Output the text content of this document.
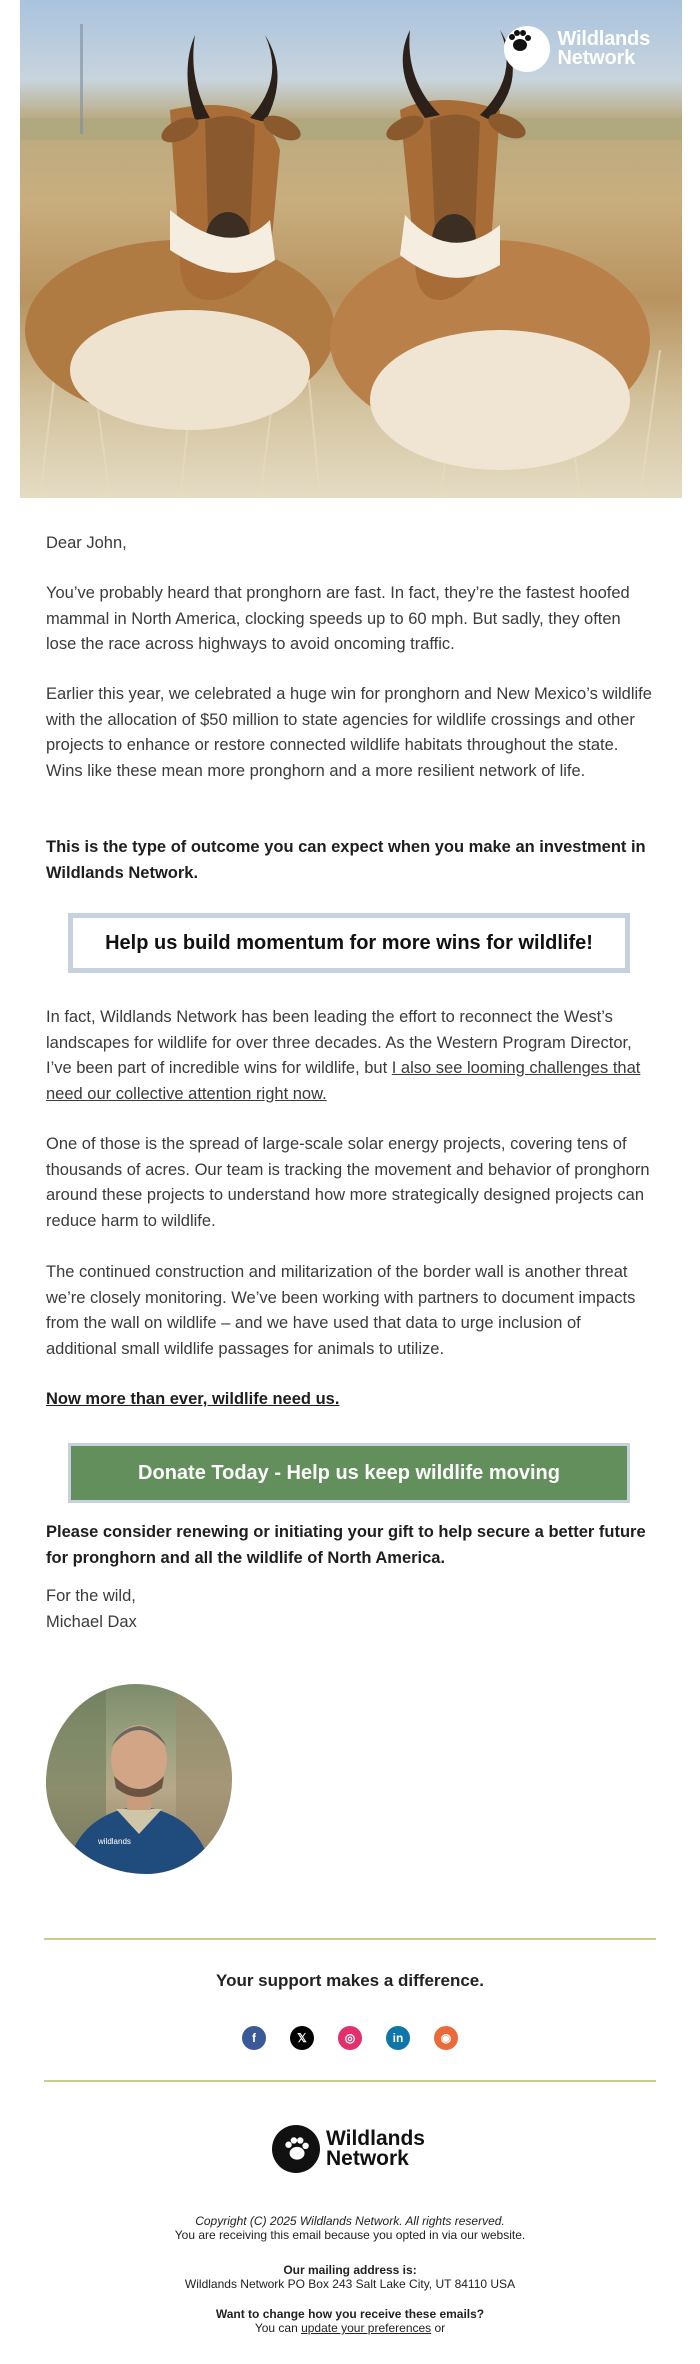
Wildlands
Network

Dear John,

You’ve probably heard that pronghorn are fast. In fact, they’re the fastest hoofed mammal in North America, clocking speeds up to 60 mph. But sadly, they often lose the race across highways to avoid oncoming traffic.

Earlier this year, we celebrated a huge win for pronghorn and New Mexico’s wildlife with the allocation of $50 million to state agencies for wildlife crossings and other projects to enhance or restore connected wildlife habitats throughout the state. Wins like these mean more pronghorn and a more resilient network of life.

This is the type of outcome you can expect when you make an investment in Wildlands Network.

Help us build momentum for more wins for wildlife!

In fact, Wildlands Network has been leading the effort to reconnect the West’s landscapes for wildlife for over three decades. As the Western Program Director, I’ve been part of incredible wins for wildlife, but I also see looming challenges that need our collective attention right now.

One of those is the spread of large-scale solar energy projects, covering tens of thousands of acres. Our team is tracking the movement and behavior of pronghorn around these projects to understand how more strategically designed projects can reduce harm to wildlife.

The continued construction and militarization of the border wall is another threat we’re closely monitoring. We’ve been working with partners to document impacts from the wall on wildlife – and we have used that data to urge inclusion of additional small wildlife passages for animals to utilize.

Now more than ever, wildlife need us.

Donate Today - Help us keep wildlife moving

Please consider renewing or initiating your gift to help secure a better future for pronghorn and all the wildlife of North America.

For the wild,

Michael Dax

wildlands
Your support makes a difference.
f	𝕏	◎	in	◉
Wildlands
Network
Copyright (C) 2025 Wildlands Network. All rights reserved.
You are receiving this email because you opted in via our website.
Our mailing address is:
Wildlands Network PO Box 243 Salt Lake City, UT 84110 USA
Want to change how you receive these emails?
You can update your preferences or
